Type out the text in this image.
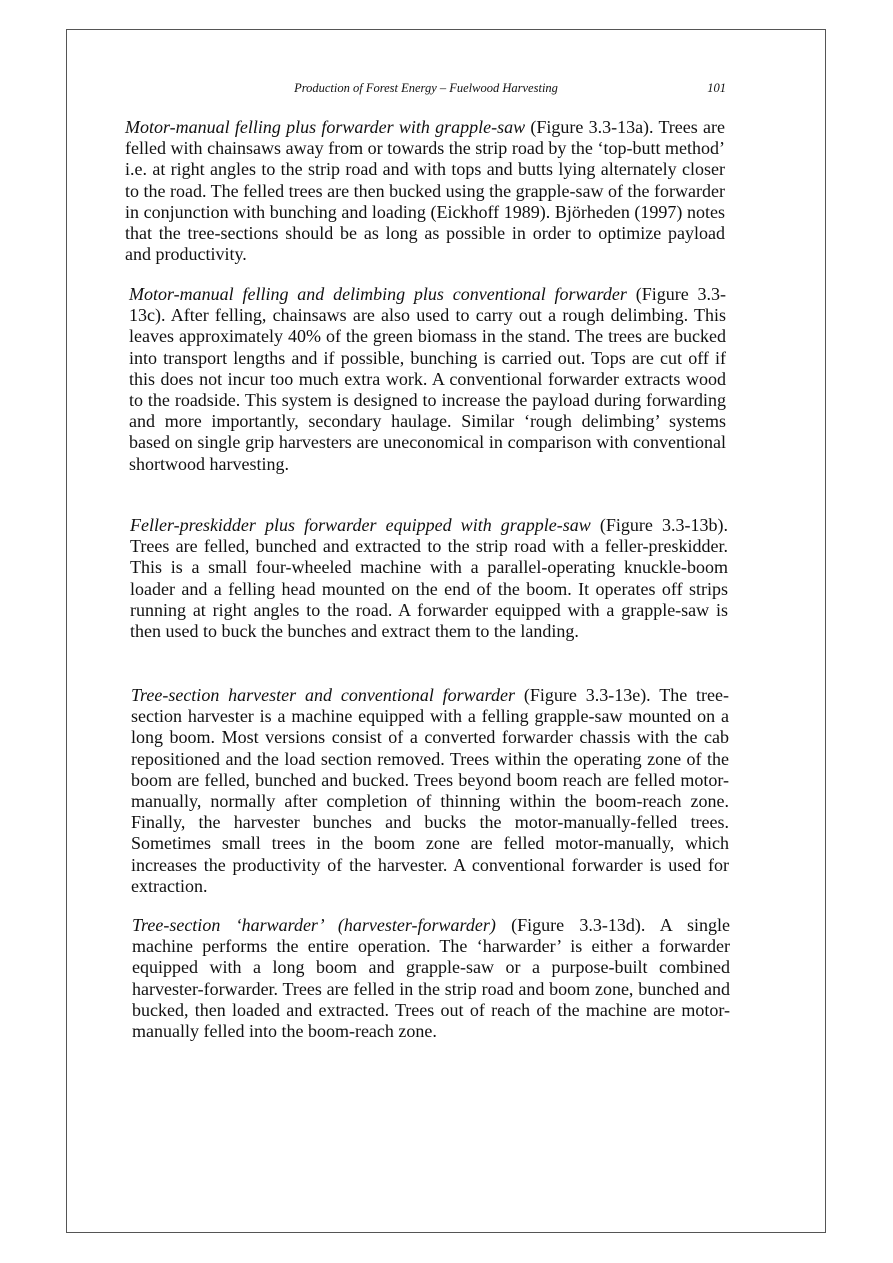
Production of Forest Energy – Fuelwood Harvesting	101

Motor-manual felling plus forwarder with grapple-saw (Figure 3.3-13a). Trees are felled with chainsaws away from or towards the strip road by the ‘top-butt method’ i.e. at right angles to the strip road and with tops and butts lying alternately closer to the road. The felled trees are then bucked using the grapple-saw of the forwarder in conjunction with bunching and loading (Eickhoff 1989). Björheden (1997) notes that the tree-sections should be as long as possible in order to optimize payload and productivity.

Motor-manual felling and delimbing plus conventional forwarder (Figure 3.3-13c). After felling, chainsaws are also used to carry out a rough delimbing. This leaves approximately 40% of the green biomass in the stand. The trees are bucked into transport lengths and if possible, bunching is carried out. Tops are cut off if this does not incur too much extra work. A conventional forwarder extracts wood to the roadside. This system is designed to increase the payload during forwarding and more importantly, secondary haulage. Similar ‘rough delimbing’ systems based on single grip harvesters are uneconomical in comparison with conventional shortwood harvesting.

Feller-preskidder plus forwarder equipped with grapple-saw (Figure 3.3-13b). Trees are felled, bunched and extracted to the strip road with a feller-preskidder. This is a small four-wheeled machine with a parallel-operating knuckle-boom loader and a felling head mounted on the end of the boom. It operates off strips running at right angles to the road. A forwarder equipped with a grapple-saw is then used to buck the bunches and extract them to the landing.

Tree-section harvester and conventional forwarder (Figure 3.3-13e). The tree-section harvester is a machine equipped with a felling grapple-saw mounted on a long boom. Most versions consist of a converted forwarder chassis with the cab repositioned and the load section removed. Trees within the operating zone of the boom are felled, bunched and bucked. Trees beyond boom reach are felled motor-manually, normally after completion of thinning within the boom-reach zone. Finally, the harvester bunches and bucks the motor-manually-felled trees. Sometimes small trees in the boom zone are felled motor-manually, which increases the productivity of the harvester. A conventional forwarder is used for extraction.

Tree-section ‘harwarder’ (harvester-forwarder) (Figure 3.3-13d). A single machine performs the entire operation. The ‘harwarder’ is either a forwarder equipped with a long boom and grapple-saw or a purpose-built combined harvester-forwarder. Trees are felled in the strip road and boom zone, bunched and bucked, then loaded and extracted. Trees out of reach of the machine are motor-manually felled into the boom-reach zone.
